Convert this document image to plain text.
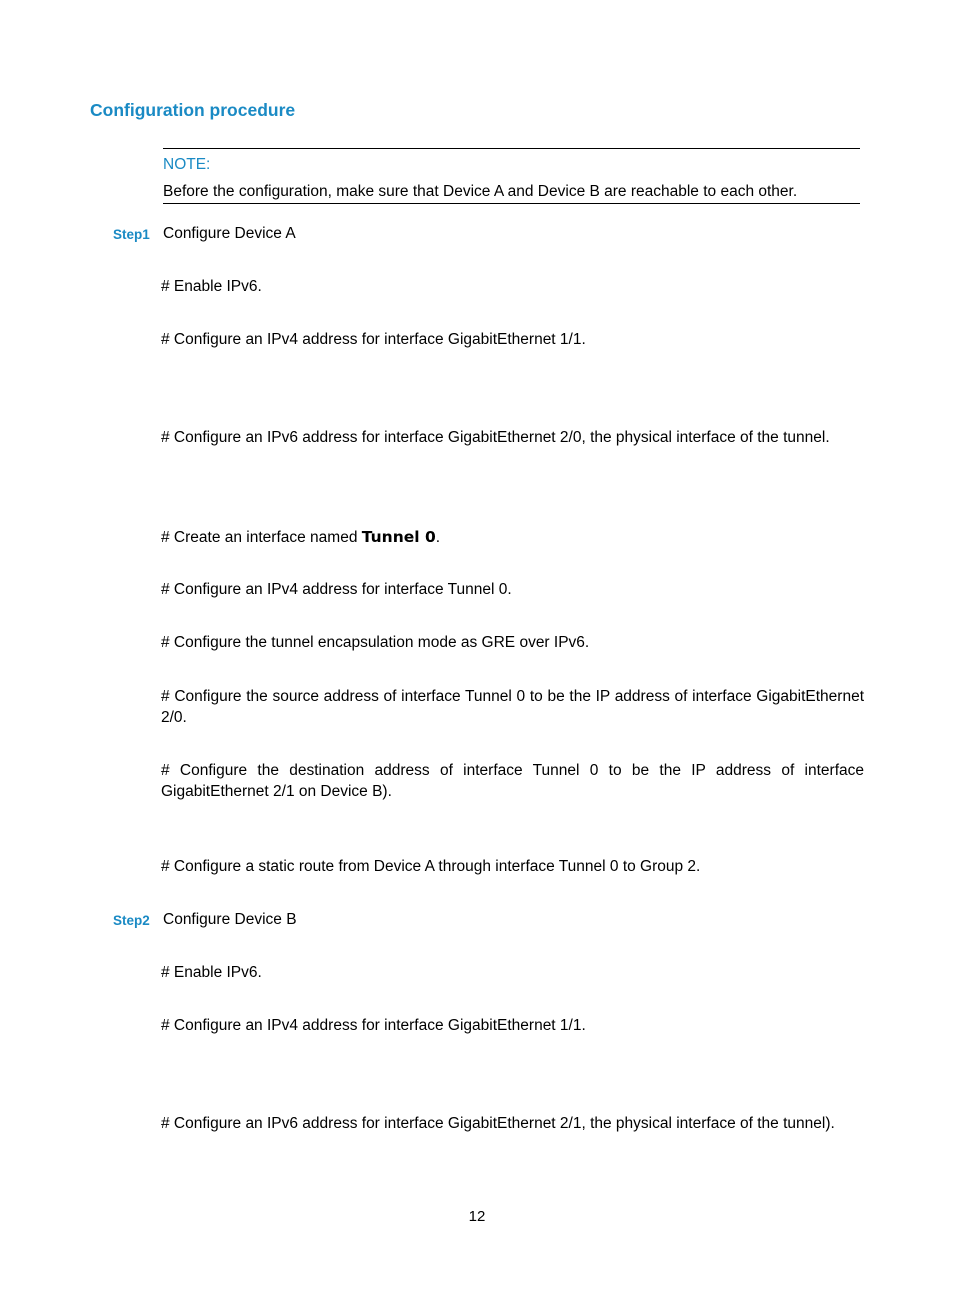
Configuration procedure
NOTE:
Before the configuration, make sure that Device A and Device B are reachable to each other.
Step1 Configure Device A
# Enable IPv6.
# Configure an IPv4 address for interface GigabitEthernet 1/1.
# Configure an IPv6 address for interface GigabitEthernet 2/0, the physical interface of the tunnel.
# Create an interface named Tunnel 0.
# Configure an IPv4 address for interface Tunnel 0.
# Configure the tunnel encapsulation mode as GRE over IPv6.
# Configure the source address of interface Tunnel 0 to be the IP address of interface GigabitEthernet 2/0.
# Configure the destination address of interface Tunnel 0 to be the IP address of interface GigabitEthernet 2/1 on Device B).
# Configure a static route from Device A through interface Tunnel 0 to Group 2.
Step2 Configure Device B
# Enable IPv6.
# Configure an IPv4 address for interface GigabitEthernet 1/1.
# Configure an IPv6 address for interface GigabitEthernet 2/1, the physical interface of the tunnel).
12
